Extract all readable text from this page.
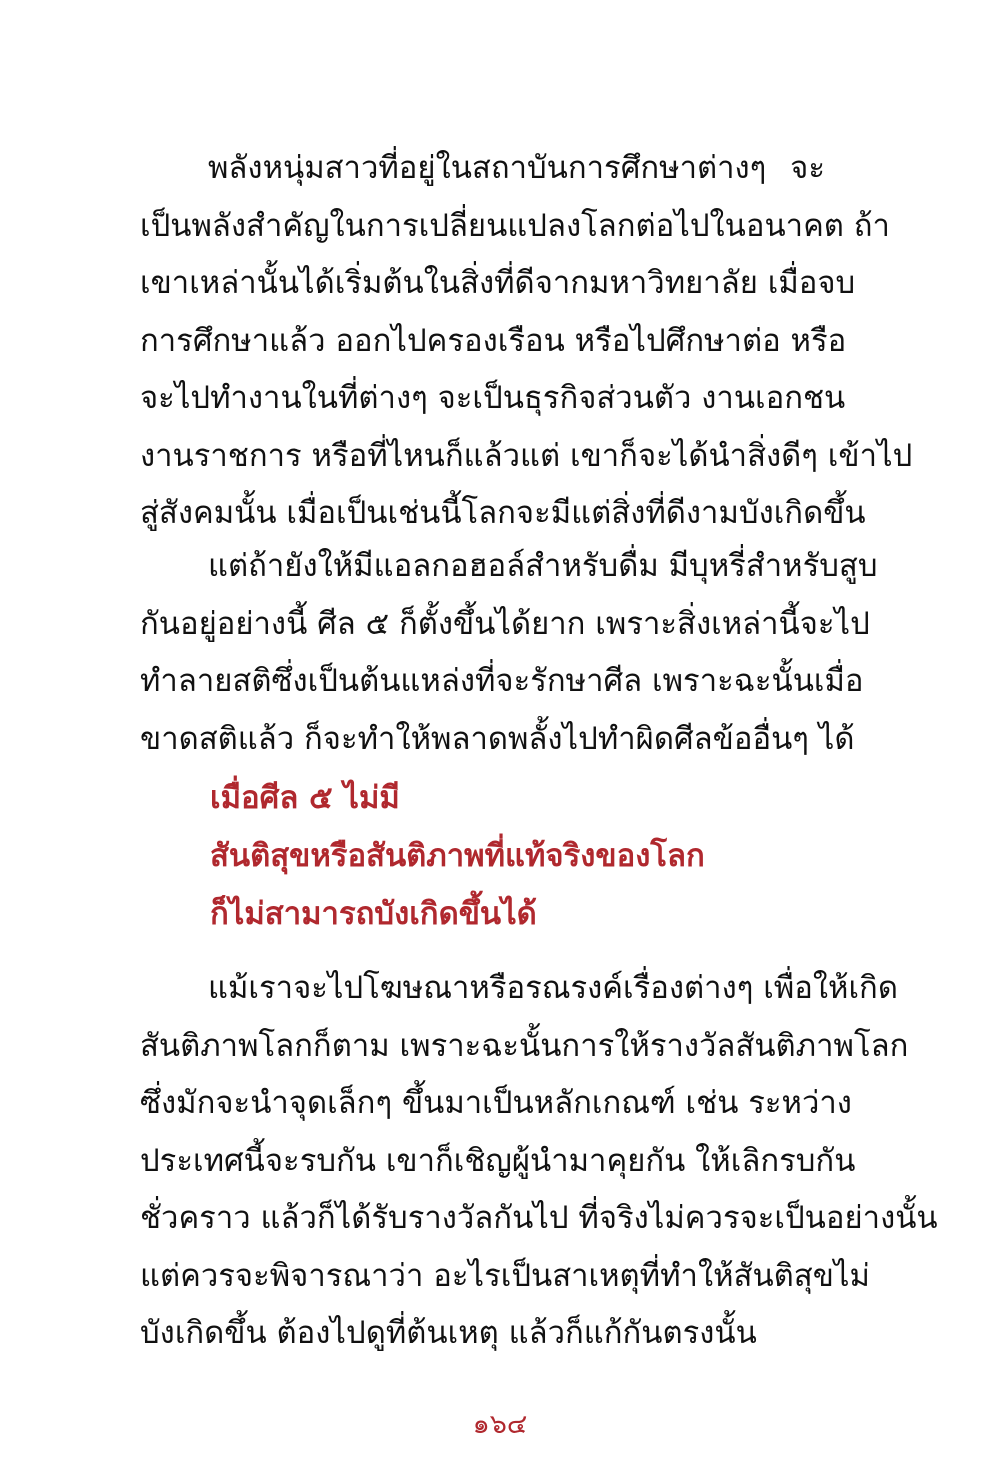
พลังหนุ่มสาวที่อยู่ในสถาบันการศึกษาต่างๆ จะ
เป็นพลังสำคัญในการเปลี่ยนแปลงโลกต่อไปในอนาคต ถ้า
เขาเหล่านั้นได้เริ่มต้นในสิ่งที่ดีจากมหาวิทยาลัย เมื่อจบ
การศึกษาแล้ว ออกไปครองเรือน หรือไปศึกษาต่อ หรือ
จะไปทำงานในที่ต่างๆ จะเป็นธุรกิจส่วนตัว งานเอกชน
งานราชการ หรือที่ไหนก็แล้วแต่ เขาก็จะได้นำสิ่งดีๆ เข้าไป
สู่สังคมนั้น เมื่อเป็นเช่นนี้โลกจะมีแต่สิ่งที่ดีงามบังเกิดขึ้น
แต่ถ้ายังให้มีแอลกอฮอล์สำหรับดื่ม มีบุหรี่สำหรับสูบ
กันอยู่อย่างนี้ ศีล ๕ ก็ตั้งขึ้นได้ยาก เพราะสิ่งเหล่านี้จะไป
ทำลายสติซึ่งเป็นต้นแหล่งที่จะรักษาศีล เพราะฉะนั้นเมื่อ
ขาดสติแล้ว ก็จะทำให้พลาดพลั้งไปทำผิดศีลข้ออื่นๆ ได้
เมื่อศีล ๕ ไม่มี
สันติสุขหรือสันติภาพที่แท้จริงของโลก
ก็ไม่สามารถบังเกิดขึ้นได้
แม้เราจะไปโฆษณาหรือรณรงค์เรื่องต่างๆ เพื่อให้เกิด
สันติภาพโลกก็ตาม เพราะฉะนั้นการให้รางวัลสันติภาพโลก
ซึ่งมักจะนำจุดเล็กๆ ขึ้นมาเป็นหลักเกณฑ์ เช่น ระหว่าง
ประเทศนี้จะรบกัน เขาก็เชิญผู้นำมาคุยกัน ให้เลิกรบกัน
ชั่วคราว แล้วก็ได้รับรางวัลกันไป ที่จริงไม่ควรจะเป็นอย่างนั้น
แต่ควรจะพิจารณาว่า อะไรเป็นสาเหตุที่ทำให้สันติสุขไม่
บังเกิดขึ้น ต้องไปดูที่ต้นเหตุ แล้วก็แก้กันตรงนั้น
๑๖๔
